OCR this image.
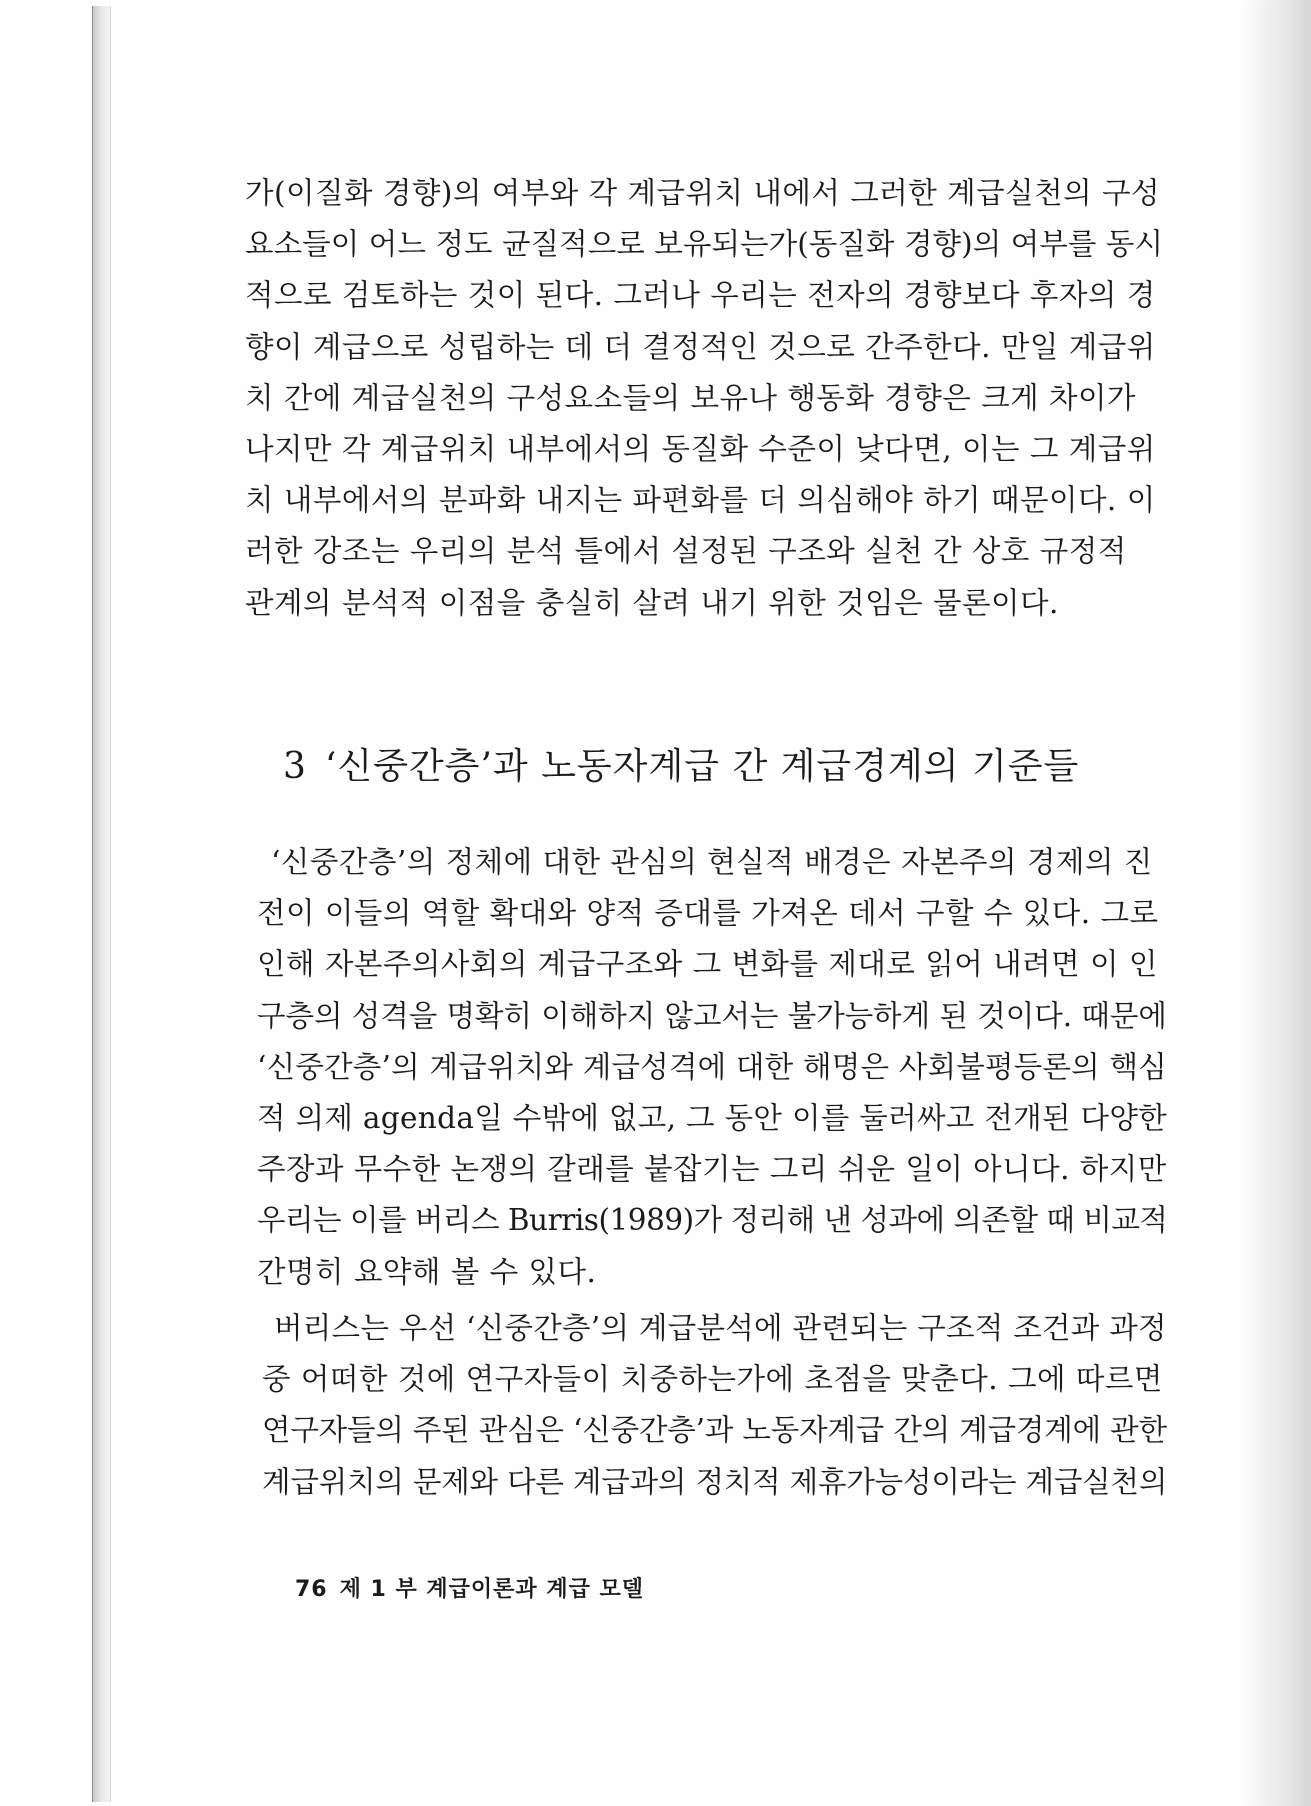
가(이질화 경향)의 여부와 각 계급위치 내에서 그러한 계급실천의 구성
요소들이 어느 정도 균질적으로 보유되는가(동질화 경향)의 여부를 동시
적으로 검토하는 것이 된다. 그러나 우리는 전자의 경향보다 후자의 경
향이 계급으로 성립하는 데 더 결정적인 것으로 간주한다. 만일 계급위
치 간에 계급실천의 구성요소들의 보유나 행동화 경향은 크게 차이가
나지만 각 계급위치 내부에서의 동질화 수준이 낮다면, 이는 그 계급위
치 내부에서의 분파화 내지는 파편화를 더 의심해야 하기 때문이다. 이
러한 강조는 우리의 분석 틀에서 설정된 구조와 실천 간 상호 규정적
관계의 분석적 이점을 충실히 살려 내기 위한 것임은 물론이다.

3 ‘신중간층’과 노동자계급 간 계급경계의 기준들

‘신중간층’의 정체에 대한 관심의 현실적 배경은 자본주의 경제의 진
전이 이들의 역할 확대와 양적 증대를 가져온 데서 구할 수 있다. 그로
인해 자본주의사회의 계급구조와 그 변화를 제대로 읽어 내려면 이 인
구층의 성격을 명확히 이해하지 않고서는 불가능하게 된 것이다. 때문에
‘신중간층’의 계급위치와 계급성격에 대한 해명은 사회불평등론의 핵심
적 의제 agenda일 수밖에 없고, 그 동안 이를 둘러싸고 전개된 다양한
주장과 무수한 논쟁의 갈래를 붙잡기는 그리 쉬운 일이 아니다. 하지만
우리는 이를 버리스 Burris(1989)가 정리해 낸 성과에 의존할 때 비교적
간명히 요약해 볼 수 있다.

버리스는 우선 ‘신중간층’의 계급분석에 관련되는 구조적 조건과 과정
중 어떠한 것에 연구자들이 치중하는가에 초점을 맞춘다. 그에 따르면
연구자들의 주된 관심은 ‘신중간층’과 노동자계급 간의 계급경계에 관한
계급위치의 문제와 다른 계급과의 정치적 제휴가능성이라는 계급실천의

76 제 1 부 계급이론과 계급 모델
